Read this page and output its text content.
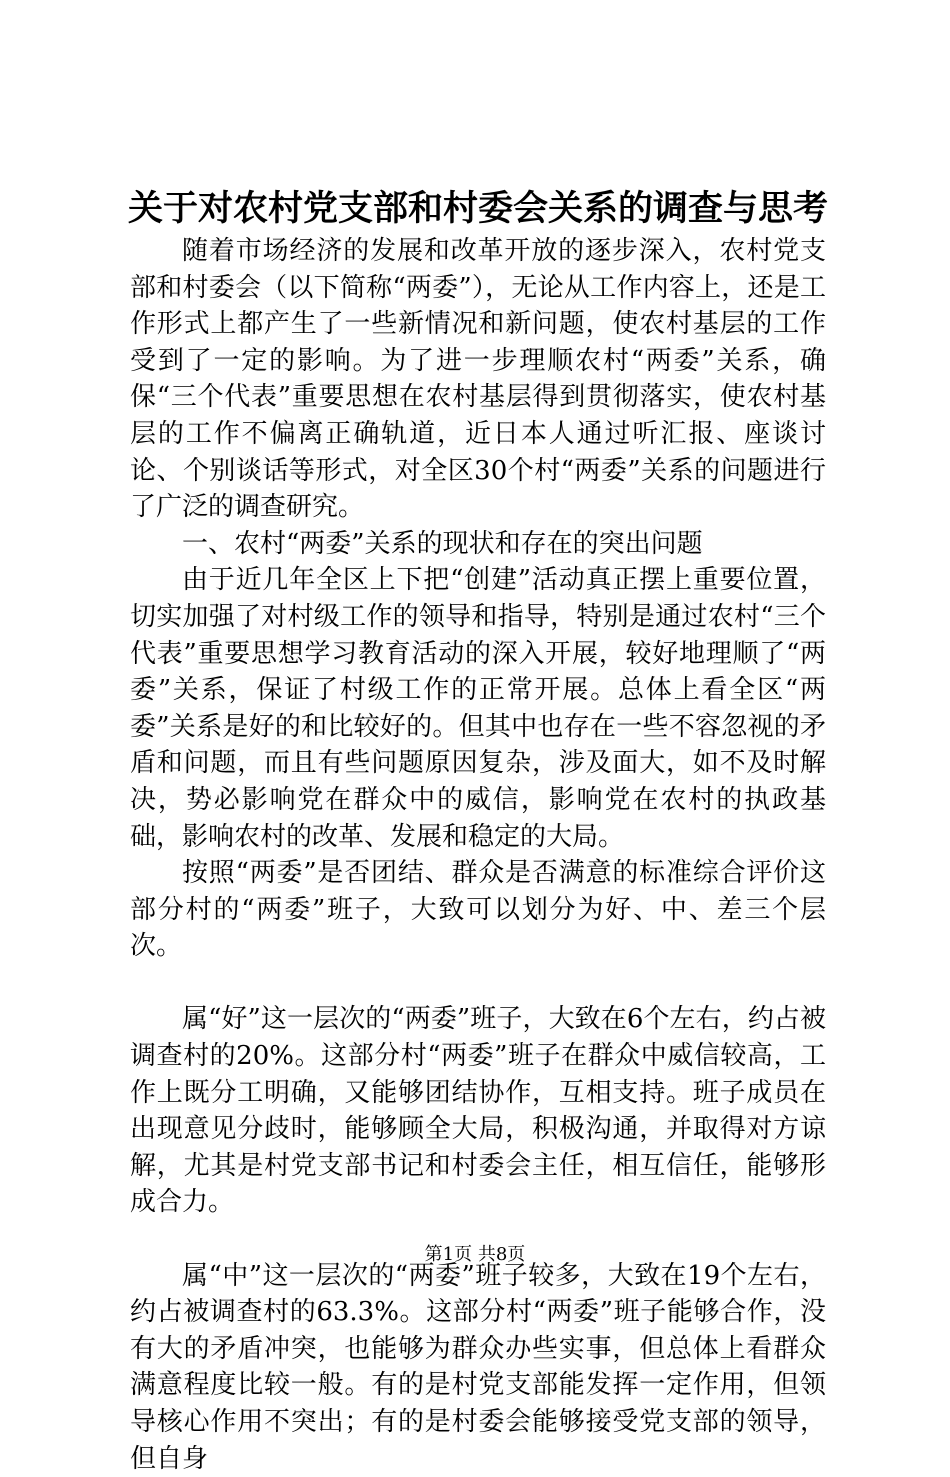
关于对农村党支部和村委会关系的调查与思考

随着市场经济的发展和改革开放的逐步深入，农村党支部和村委会（以下简称“两委”），无论从工作内容上，还是工作形式上都产生了一些新情况和新问题，使农村基层的工作受到了一定的影响。为了进一步理顺农村“两委”关系，确保“三个代表”重要思想在农村基层得到贯彻落实，使农村基层的工作不偏离正确轨道，近日本人通过听汇报、座谈讨论、个别谈话等形式，对全区30个村“两委”关系的问题进行了广泛的调查研究。

一、农村“两委”关系的现状和存在的突出问题

由于近几年全区上下把“创建”活动真正摆上重要位置，切实加强了对村级工作的领导和指导，特别是通过农村“三个代表”重要思想学习教育活动的深入开展，较好地理顺了“两委”关系，保证了村级工作的正常开展。总体上看全区“两委”关系是好的和比较好的。但其中也存在一些不容忽视的矛盾和问题，而且有些问题原因复杂，涉及面大，如不及时解决，势必影响党在群众中的威信，影响党在农村的执政基础，影响农村的改革、发展和稳定的大局。

按照“两委”是否团结、群众是否满意的标准综合评价这部分村的“两委”班子，大致可以划分为好、中、差三个层次。

属“好”这一层次的“两委”班子，大致在6个左右，约占被调查村的20%。这部分村“两委”班子在群众中威信较高，工作上既分工明确，又能够团结协作，互相支持。班子成员在出现意见分歧时，能够顾全大局，积极沟通，并取得对方谅解，尤其是村党支部书记和村委会主任，相互信任，能够形成合力。

属“中”这一层次的“两委”班子较多，大致在19个左右，约占被调查村的63.3%。这部分村“两委”班子能够合作，没有大的矛盾冲突，也能够为群众办些实事，但总体上看群众满意程度比较一般。有的是村党支部能发挥一定作用，但领导核心作用不突出；有的是村委会能够接受党支部的领导，但自身

第1页 共8页
